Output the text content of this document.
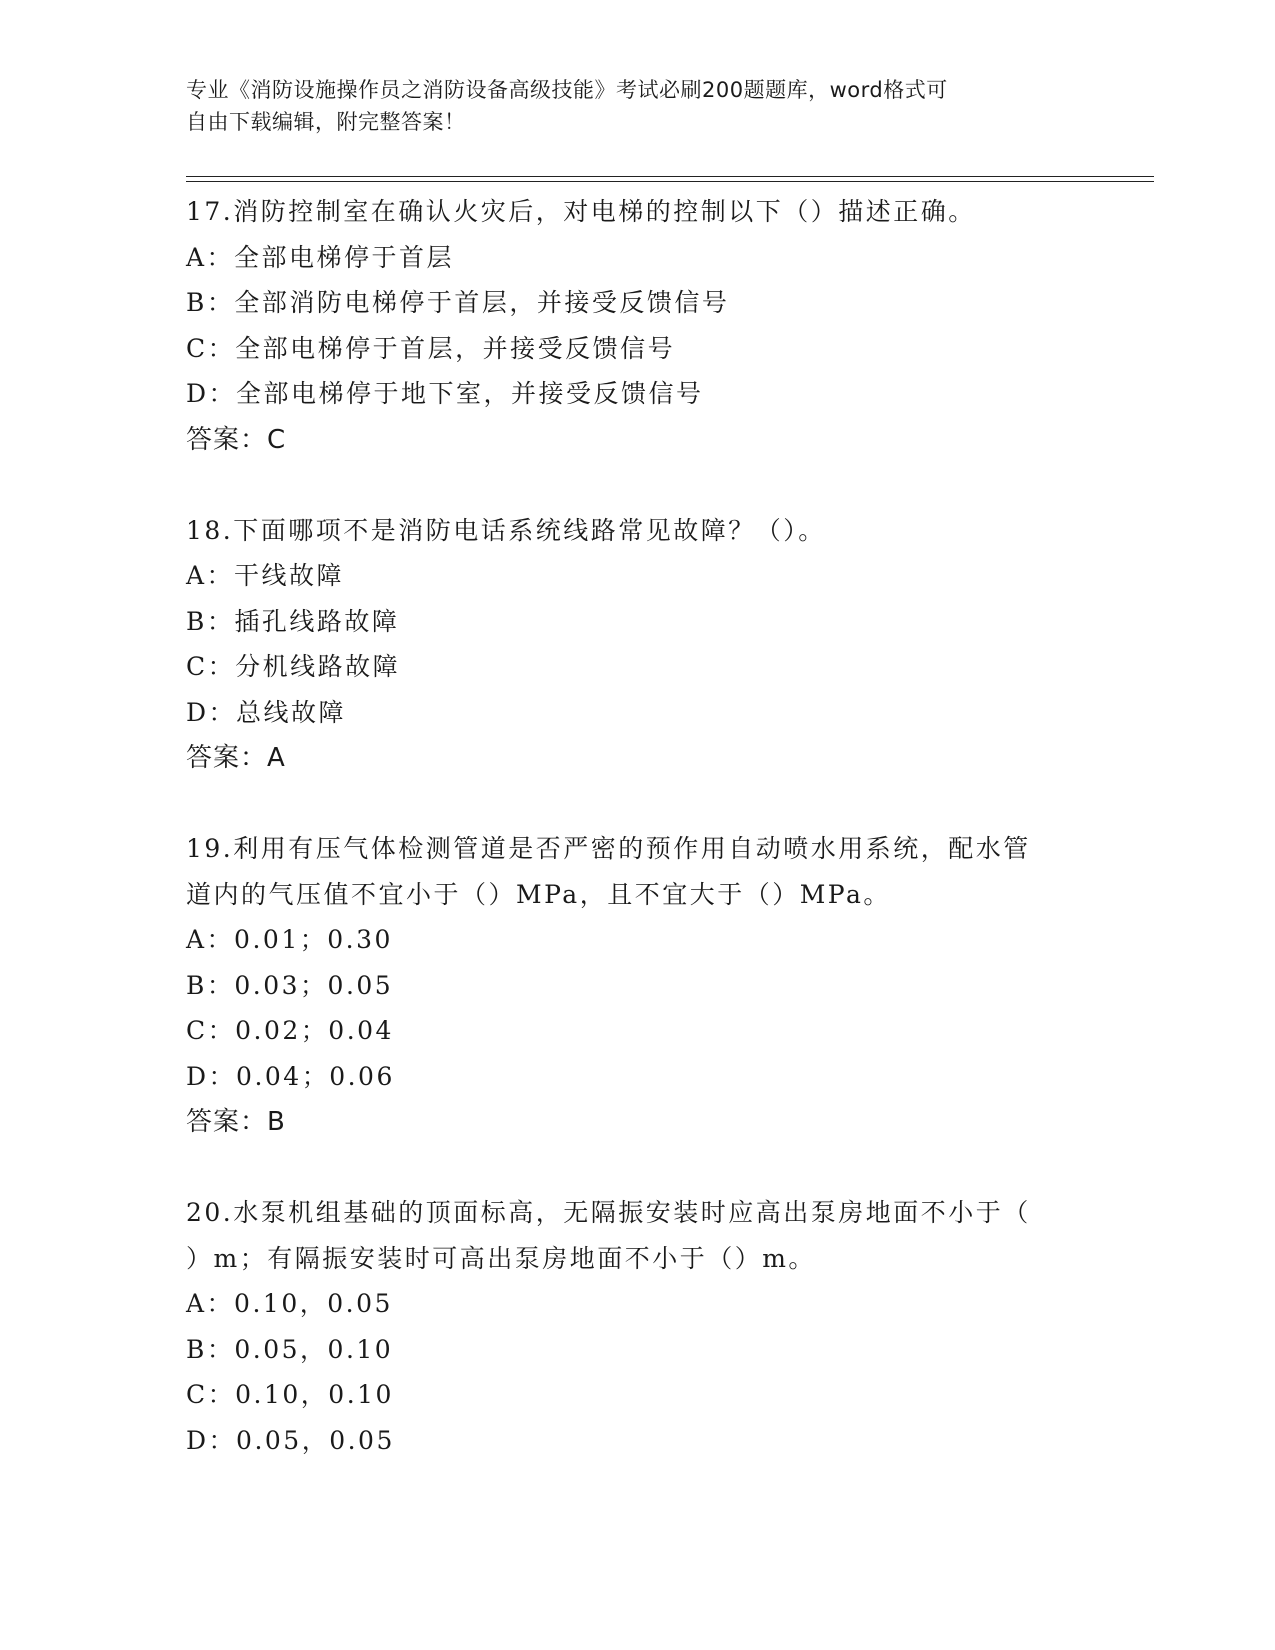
专业《消防设施操作员之消防设备高级技能》考试必刷200题题库，word格式可
自由下载编辑，附完整答案！
17.消防控制室在确认火灾后，对电梯的控制以下（）描述正确。
A：全部电梯停于首层
B：全部消防电梯停于首层，并接受反馈信号
C：全部电梯停于首层，并接受反馈信号
D：全部电梯停于地下室，并接受反馈信号
答案：C
18.下面哪项不是消防电话系统线路常见故障？（）。
A：干线故障
B：插孔线路故障
C：分机线路故障
D：总线故障
答案：A
19.利用有压气体检测管道是否严密的预作用自动喷水用系统，配水管
道内的气压值不宜小于（）MPa，且不宜大于（）MPa。
A：0.01；0.30
B：0.03；0.05
C：0.02；0.04
D：0.04；0.06
答案：B
20.水泵机组基础的顶面标高，无隔振安装时应高出泵房地面不小于（
）m；有隔振安装时可高出泵房地面不小于（）m。
A：0.10，0.05
B：0.05，0.10
C：0.10，0.10
D：0.05，0.05
